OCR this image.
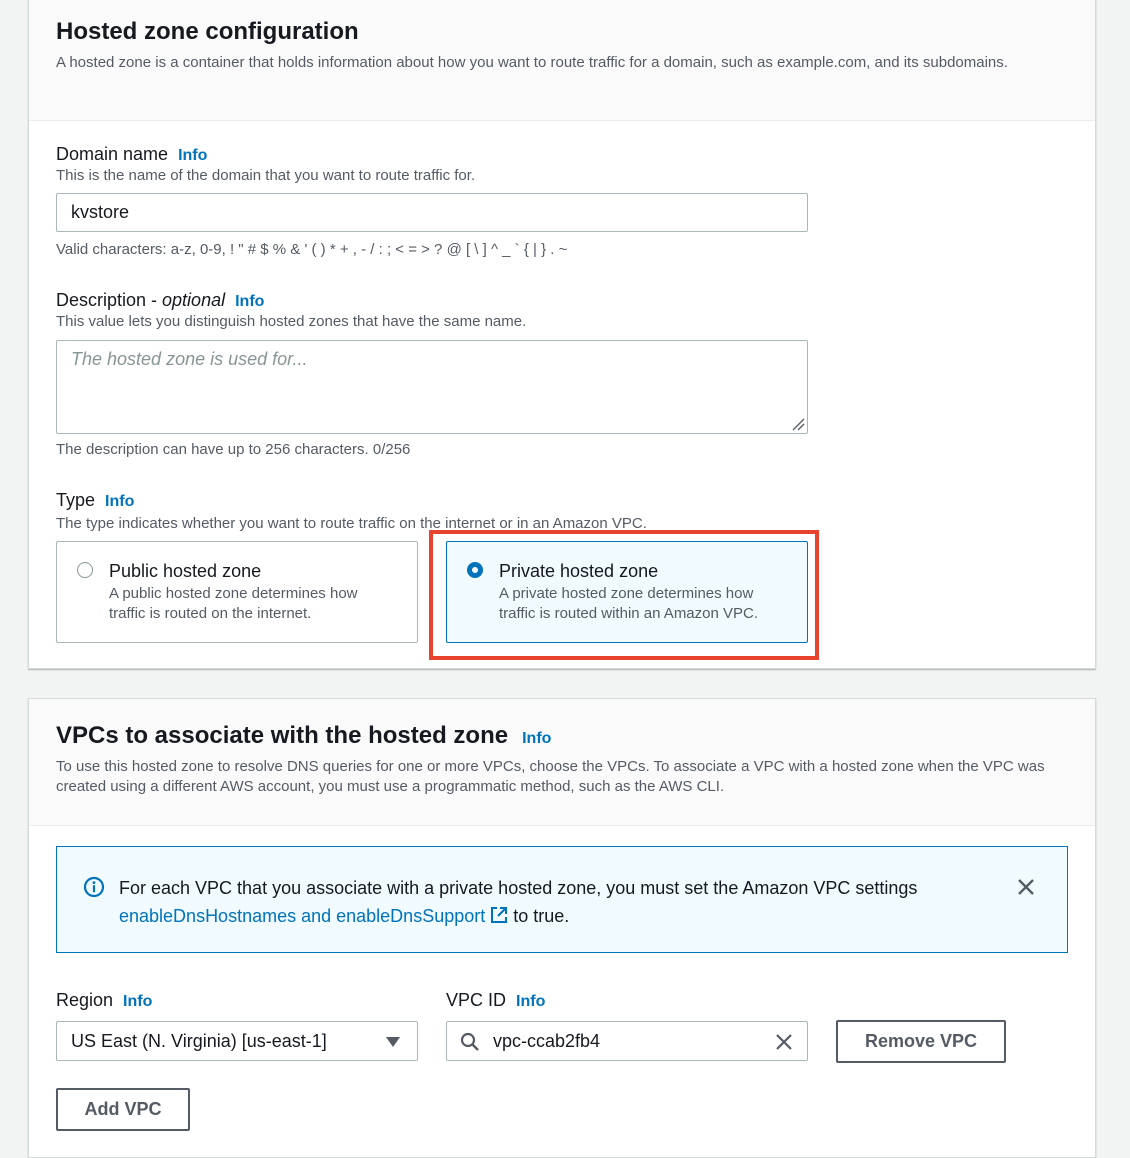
Hosted zone configuration
A hosted zone is a container that holds information about how you want to route traffic for a domain, such as example.com, and its subdomains.
Domain name Info
This is the name of the domain that you want to route traffic for.
kvstore
Valid characters: a-z, 0-9, ! " # $ % & ' ( ) * + , - / : ; < = > ? @ [ \ ] ^ _ ` { | } . ~
Description - optional Info
This value lets you distinguish hosted zones that have the same name.
The hosted zone is used for...
The description can have up to 256 characters. 0/256
Type Info
The type indicates whether you want to route traffic on the internet or in an Amazon VPC.
Public hosted zone
A public hosted zone determines how
traffic is routed on the internet.
Private hosted zone
A private hosted zone determines how
traffic is routed within an Amazon VPC.
VPCs to associate with the hosted zone Info
To use this hosted zone to resolve DNS queries for one or more VPCs, choose the VPCs. To associate a VPC with a hosted zone when the VPC was created using a different AWS account, you must use a programmatic method, such as the AWS CLI.
For each VPC that you associate with a private hosted zone, you must set the Amazon VPC settings enableDnsHostnames and enableDnsSupport to true.
Region Info
US East (N. Virginia) [us-east-1]
VPC ID Info
vpc-ccab2fb4	Remove VPC
Add VPC
